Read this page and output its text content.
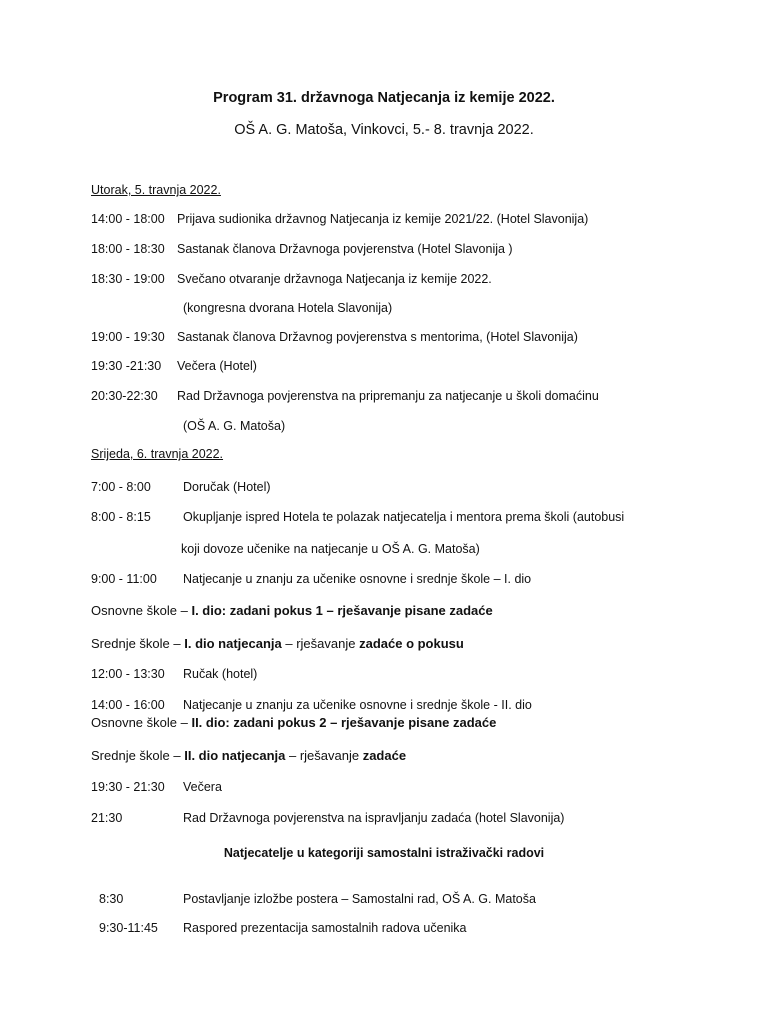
Program 31. državnoga Natjecanja iz kemije 2022.
OŠ A. G. Matoša, Vinkovci, 5.- 8. travnja 2022.
Utorak, 5. travnja 2022.
14:00 - 18:00 Prijava sudionika državnog Natjecanja iz kemije 2021/22. (Hotel Slavonija)
18:00 - 18:30 Sastanak članova Državnoga povjerenstva (Hotel Slavonija )
18:30 - 19:00 Svečano otvaranje državnoga Natjecanja iz kemije 2022.
(kongresna dvorana Hotela Slavonija)
19:00 - 19:30 Sastanak članova Državnog povjerenstva s mentorima, (Hotel Slavonija)
19:30 -21:30 Večera (Hotel)
20:30-22:30 Rad Državnoga povjerenstva na pripremanju za natjecanje u školi domaćinu
(OŠ A. G. Matoša)
Srijeda, 6. travnja 2022.
7:00 - 8:00	Doručak (Hotel)
8:00 - 8:15	Okupljanje ispred Hotela te polazak natjecatelja i mentora prema školi (autobusi
koji dovoze učenike na natjecanje u OŠ A. G. Matoša)
9:00 - 11:00 Natjecanje u znanju za učenike osnovne i srednje škole – I. dio
Osnovne škole – I. dio: zadani pokus 1 – rješavanje pisane zadaće
Srednje škole – I. dio natjecanja – rješavanje zadaće o pokusu
12:00 - 13:30 Ručak (hotel)
14:00 - 16:00 Natjecanje u znanju za učenike osnovne i srednje škole - II. dio
Osnovne škole – II. dio: zadani pokus 2 – rješavanje pisane zadaće
Srednje škole – II. dio natjecanja – rješavanje zadaće
19:30 - 21:30 Večera
21:30	Rad Državnoga povjerenstva na ispravljanju zadaća (hotel Slavonija)
Natjecatelje u kategoriji samostalni istraživački radovi
8:30	Postavljanje izložbe postera – Samostalni rad, OŠ A. G. Matoša
9:30-11:45 Raspored prezentacija samostalnih radova učenika
